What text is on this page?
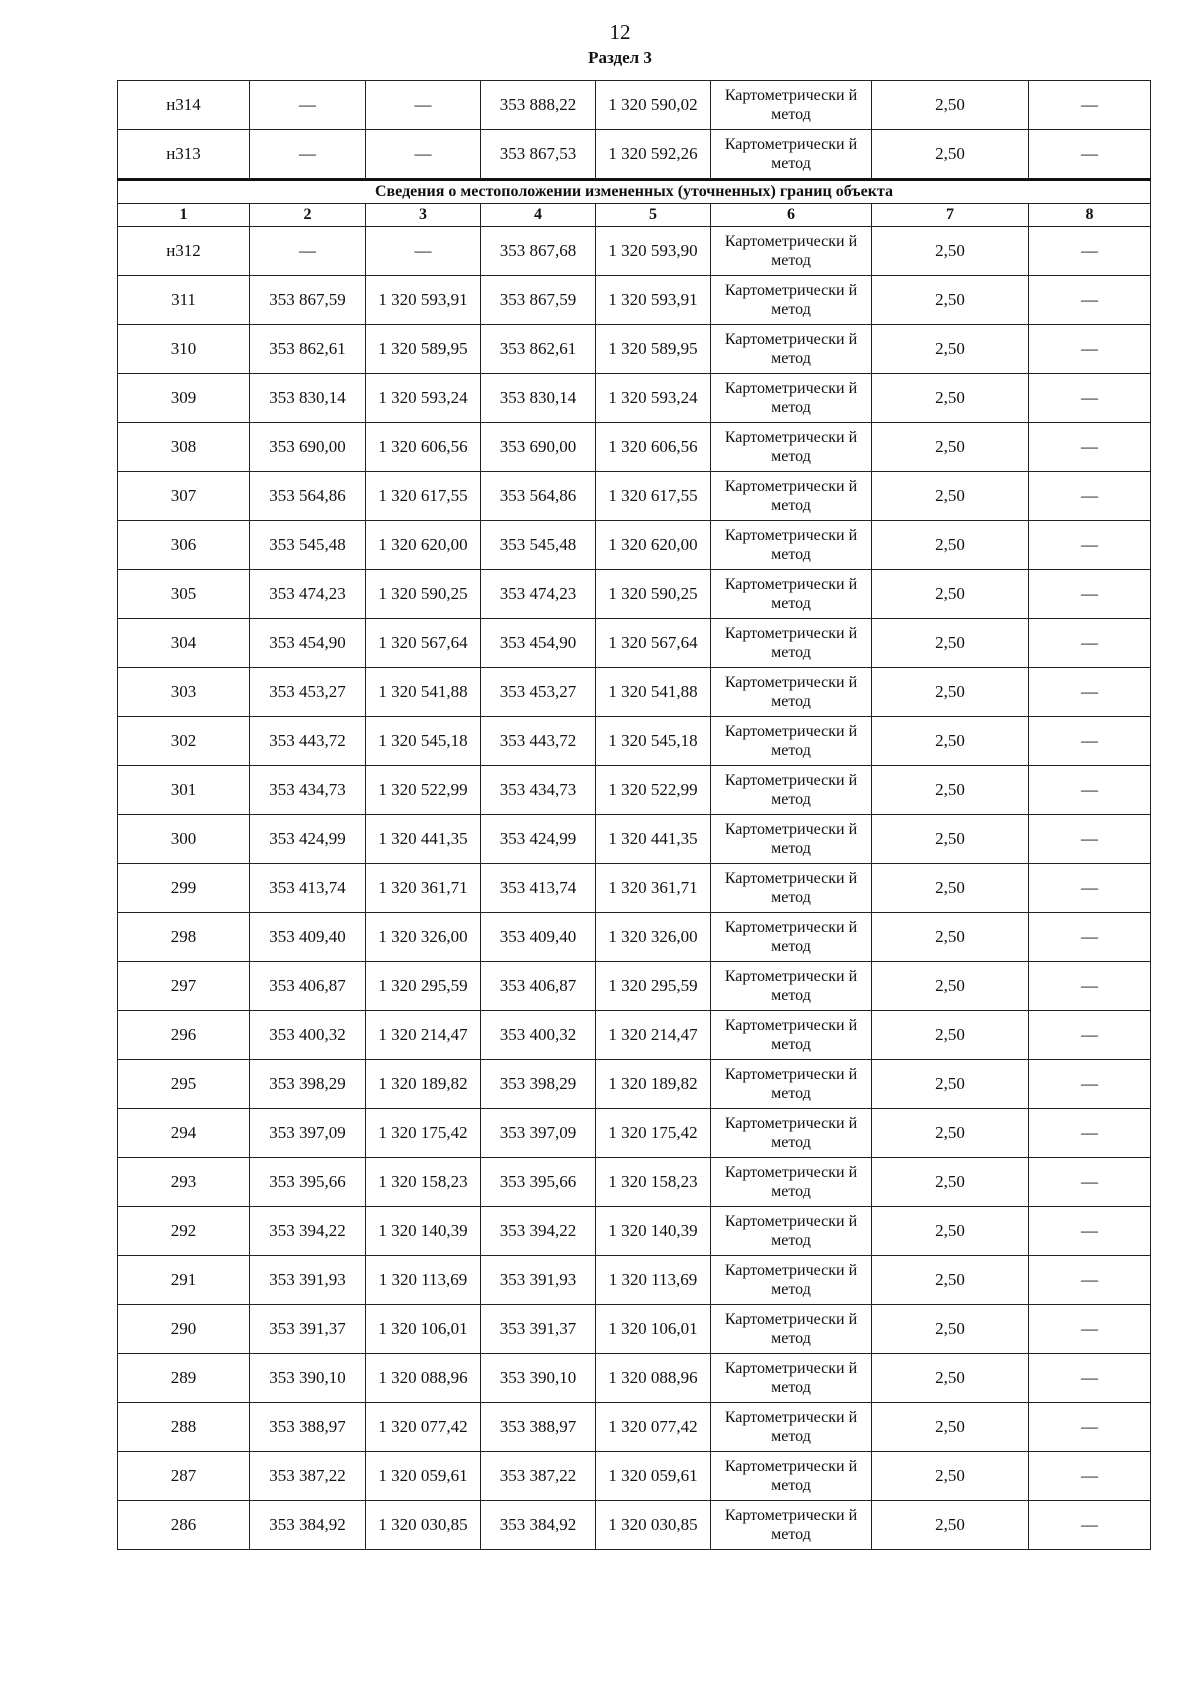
12
Раздел 3
н314	—	—	353 888,22	1 320 590,02	Картометрически й метод	2,50	—
н313	—	—	353 867,53	1 320 592,26	Картометрически й метод	2,50	—
Сведения о местоположении измененных (уточненных) границ объекта							
1	2	3	4	5	6	7	8
н312	—	—	353 867,68	1 320 593,90	Картометрически й метод	2,50	—
311	353 867,59	1 320 593,91	353 867,59	1 320 593,91	Картометрически й метод	2,50	—
310	353 862,61	1 320 589,95	353 862,61	1 320 589,95	Картометрически й метод	2,50	—
309	353 830,14	1 320 593,24	353 830,14	1 320 593,24	Картометрически й метод	2,50	—
308	353 690,00	1 320 606,56	353 690,00	1 320 606,56	Картометрически й метод	2,50	—
307	353 564,86	1 320 617,55	353 564,86	1 320 617,55	Картометрически й метод	2,50	—
306	353 545,48	1 320 620,00	353 545,48	1 320 620,00	Картометрически й метод	2,50	—
305	353 474,23	1 320 590,25	353 474,23	1 320 590,25	Картометрически й метод	2,50	—
304	353 454,90	1 320 567,64	353 454,90	1 320 567,64	Картометрически й метод	2,50	—
303	353 453,27	1 320 541,88	353 453,27	1 320 541,88	Картометрически й метод	2,50	—
302	353 443,72	1 320 545,18	353 443,72	1 320 545,18	Картометрически й метод	2,50	—
301	353 434,73	1 320 522,99	353 434,73	1 320 522,99	Картометрически й метод	2,50	—
300	353 424,99	1 320 441,35	353 424,99	1 320 441,35	Картометрически й метод	2,50	—
299	353 413,74	1 320 361,71	353 413,74	1 320 361,71	Картометрически й метод	2,50	—
298	353 409,40	1 320 326,00	353 409,40	1 320 326,00	Картометрически й метод	2,50	—
297	353 406,87	1 320 295,59	353 406,87	1 320 295,59	Картометрически й метод	2,50	—
296	353 400,32	1 320 214,47	353 400,32	1 320 214,47	Картометрически й метод	2,50	—
295	353 398,29	1 320 189,82	353 398,29	1 320 189,82	Картометрически й метод	2,50	—
294	353 397,09	1 320 175,42	353 397,09	1 320 175,42	Картометрически й метод	2,50	—
293	353 395,66	1 320 158,23	353 395,66	1 320 158,23	Картометрически й метод	2,50	—
292	353 394,22	1 320 140,39	353 394,22	1 320 140,39	Картометрически й метод	2,50	—
291	353 391,93	1 320 113,69	353 391,93	1 320 113,69	Картометрически й метод	2,50	—
290	353 391,37	1 320 106,01	353 391,37	1 320 106,01	Картометрически й метод	2,50	—
289	353 390,10	1 320 088,96	353 390,10	1 320 088,96	Картометрически й метод	2,50	—
288	353 388,97	1 320 077,42	353 388,97	1 320 077,42	Картометрически й метод	2,50	—
287	353 387,22	1 320 059,61	353 387,22	1 320 059,61	Картометрически й метод	2,50	—
286	353 384,92	1 320 030,85	353 384,92	1 320 030,85	Картометрически й метод	2,50	—
